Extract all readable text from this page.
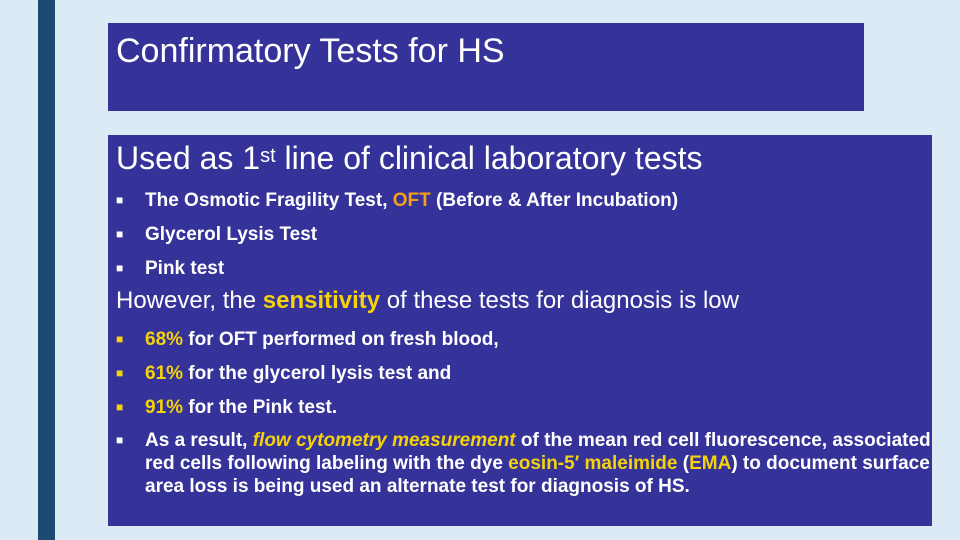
Confirmatory Tests for HS
Used as 1st line of clinical laboratory tests
■ The Osmotic Fragility Test, OFT (Before & After Incubation)
■ Glycerol Lysis Test
■ Pink test
However, the sensitivity of these tests for diagnosis is low
■ 68% for OFT performed on fresh blood,
■ 61% for the glycerol lysis test and
■ 91% for the Pink test.
■ As a result, flow cytometry measurement of the mean red cell fluorescence, associated red cells following labeling with the dye eosin-5′ maleimide (EMA) to document surface area loss is being used an alternate test for diagnosis of HS.
